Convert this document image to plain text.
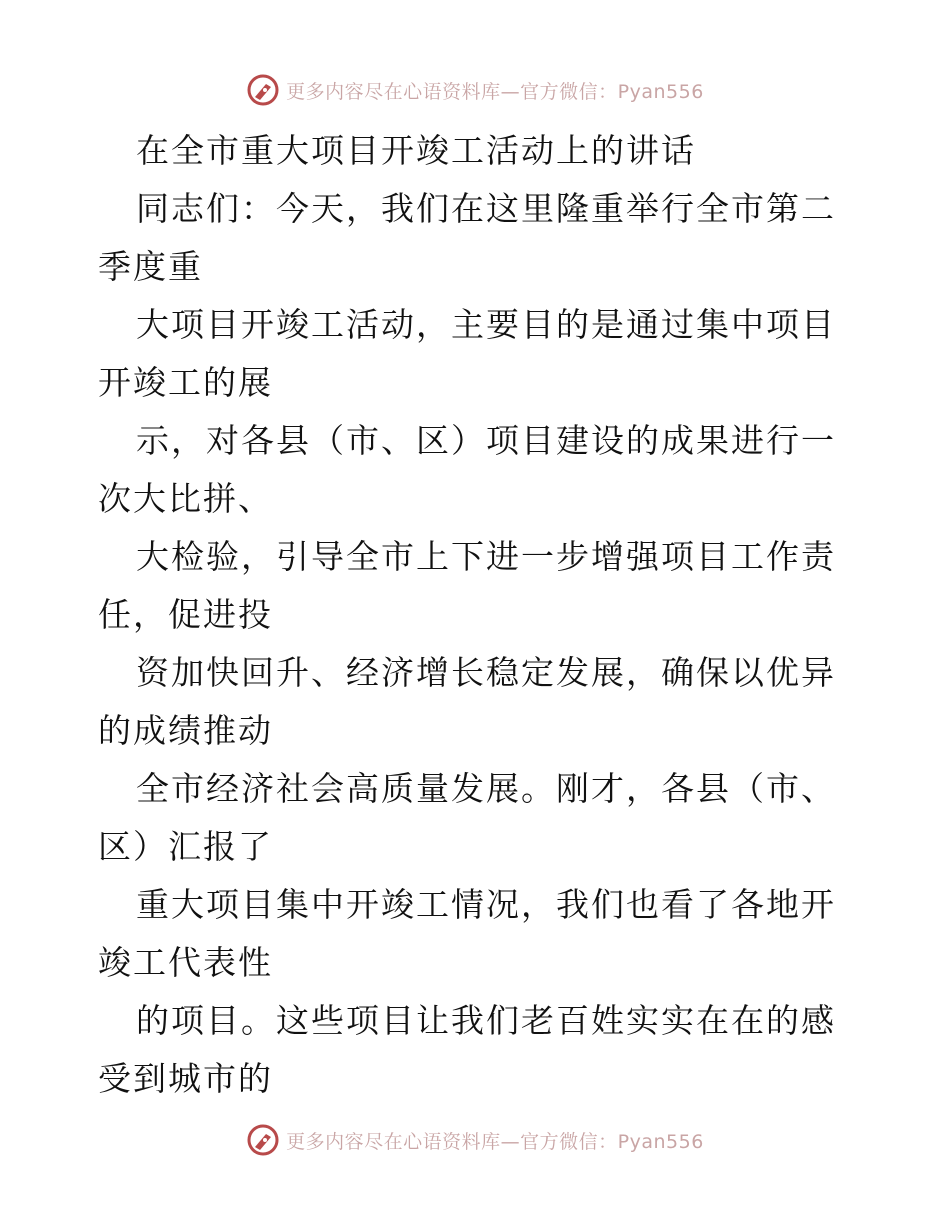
更多内容尽在心语资料库—官方微信：Pyan556

在全市重大项目开竣工活动上的讲话

同志们：今天，我们在这里隆重举行全市第二季度重

大项目开竣工活动，主要目的是通过集中项目开竣工的展

示，对各县（市、区）项目建设的成果进行一次大比拼、

大检验，引导全市上下进一步增强项目工作责任，促进投

资加快回升、经济增长稳定发展，确保以优异的成绩推动

全市经济社会高质量发展。刚才，各县（市、区）汇报了

重大项目集中开竣工情况，我们也看了各地开竣工代表性

的项目。这些项目让我们老百姓实实在在的感受到城市的

更多内容尽在心语资料库—官方微信：Pyan556
